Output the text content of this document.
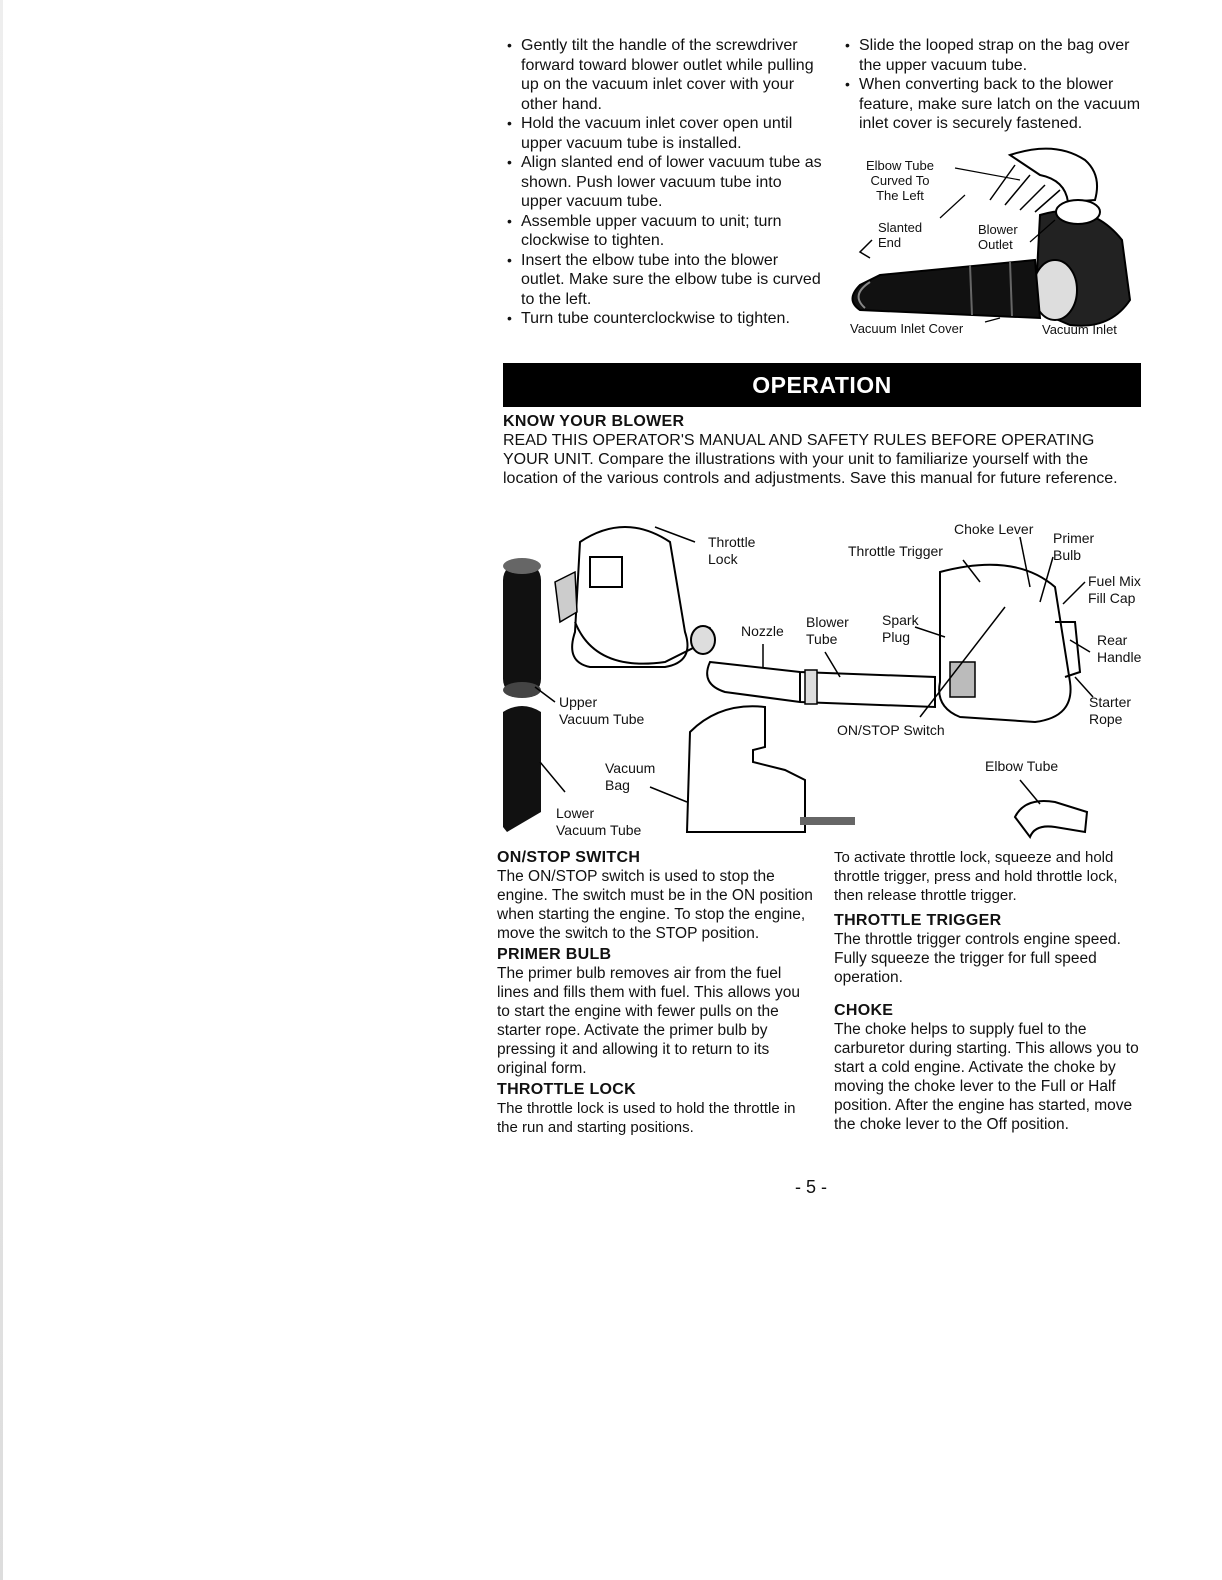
• Gently tilt the handle of the screwdriver forward toward blower outlet while pulling up on the vacuum inlet cover with your other hand.
• Hold the vacuum inlet cover open until upper vacuum tube is installed.
• Align slanted end of lower vacuum tube as shown. Push lower vacuum tube into upper vacuum tube.
• Assemble upper vacuum to unit; turn clockwise to tighten.
• Insert the elbow tube into the blower outlet. Make sure the elbow tube is curved to the left.
• Turn tube counterclockwise to tighten.
• Slide the looped strap on the bag over the upper vacuum tube.
• When converting back to the blower feature, make sure latch on the vacuum inlet cover is securely fastened.
Elbow Tube
Curved To
The Left
Slanted
End
Blower
Outlet
Vacuum Inlet Cover	Vacuum Inlet
OPERATION
KNOW YOUR BLOWER
READ THIS OPERATOR'S MANUAL AND SAFETY RULES BEFORE OPERATING YOUR UNIT. Compare the illustrations with your unit to familiarize yourself with the location of the various controls and adjustments. Save this manual for future reference.
Throttle
Lock
Choke Lever
Primer
Bulb
Throttle Trigger
Fuel Mix
Fill Cap
Nozzle
Blower
Tube
Spark
Plug	Rear
Handle
Starter
Rope
Upper
Vacuum Tube
ON/STOP Switch
Vacuum
Bag
Elbow Tube
Lower
Vacuum Tube
ON/STOP SWITCH
The ON/STOP switch is used to stop the engine. The switch must be in the ON position when starting the engine. To stop the engine, move the switch to the STOP position.
PRIMER BULB
The primer bulb removes air from the fuel lines and fills them with fuel. This allows you to start the engine with fewer pulls on the starter rope. Activate the primer bulb by pressing it and allowing it to return to its original form.
THROTTLE LOCK
The throttle lock is used to hold the throttle in the run and starting positions.
To activate throttle lock, squeeze and hold throttle trigger, press and hold throttle lock, then release throttle trigger.
THROTTLE TRIGGER
The throttle trigger controls engine speed. Fully squeeze the trigger for full speed operation.
CHOKE
The choke helps to supply fuel to the carburetor during starting. This allows you to start a cold engine. Activate the choke by moving the choke lever to the Full or Half position. After the engine has started, move the choke lever to the Off position.
- 5 -
